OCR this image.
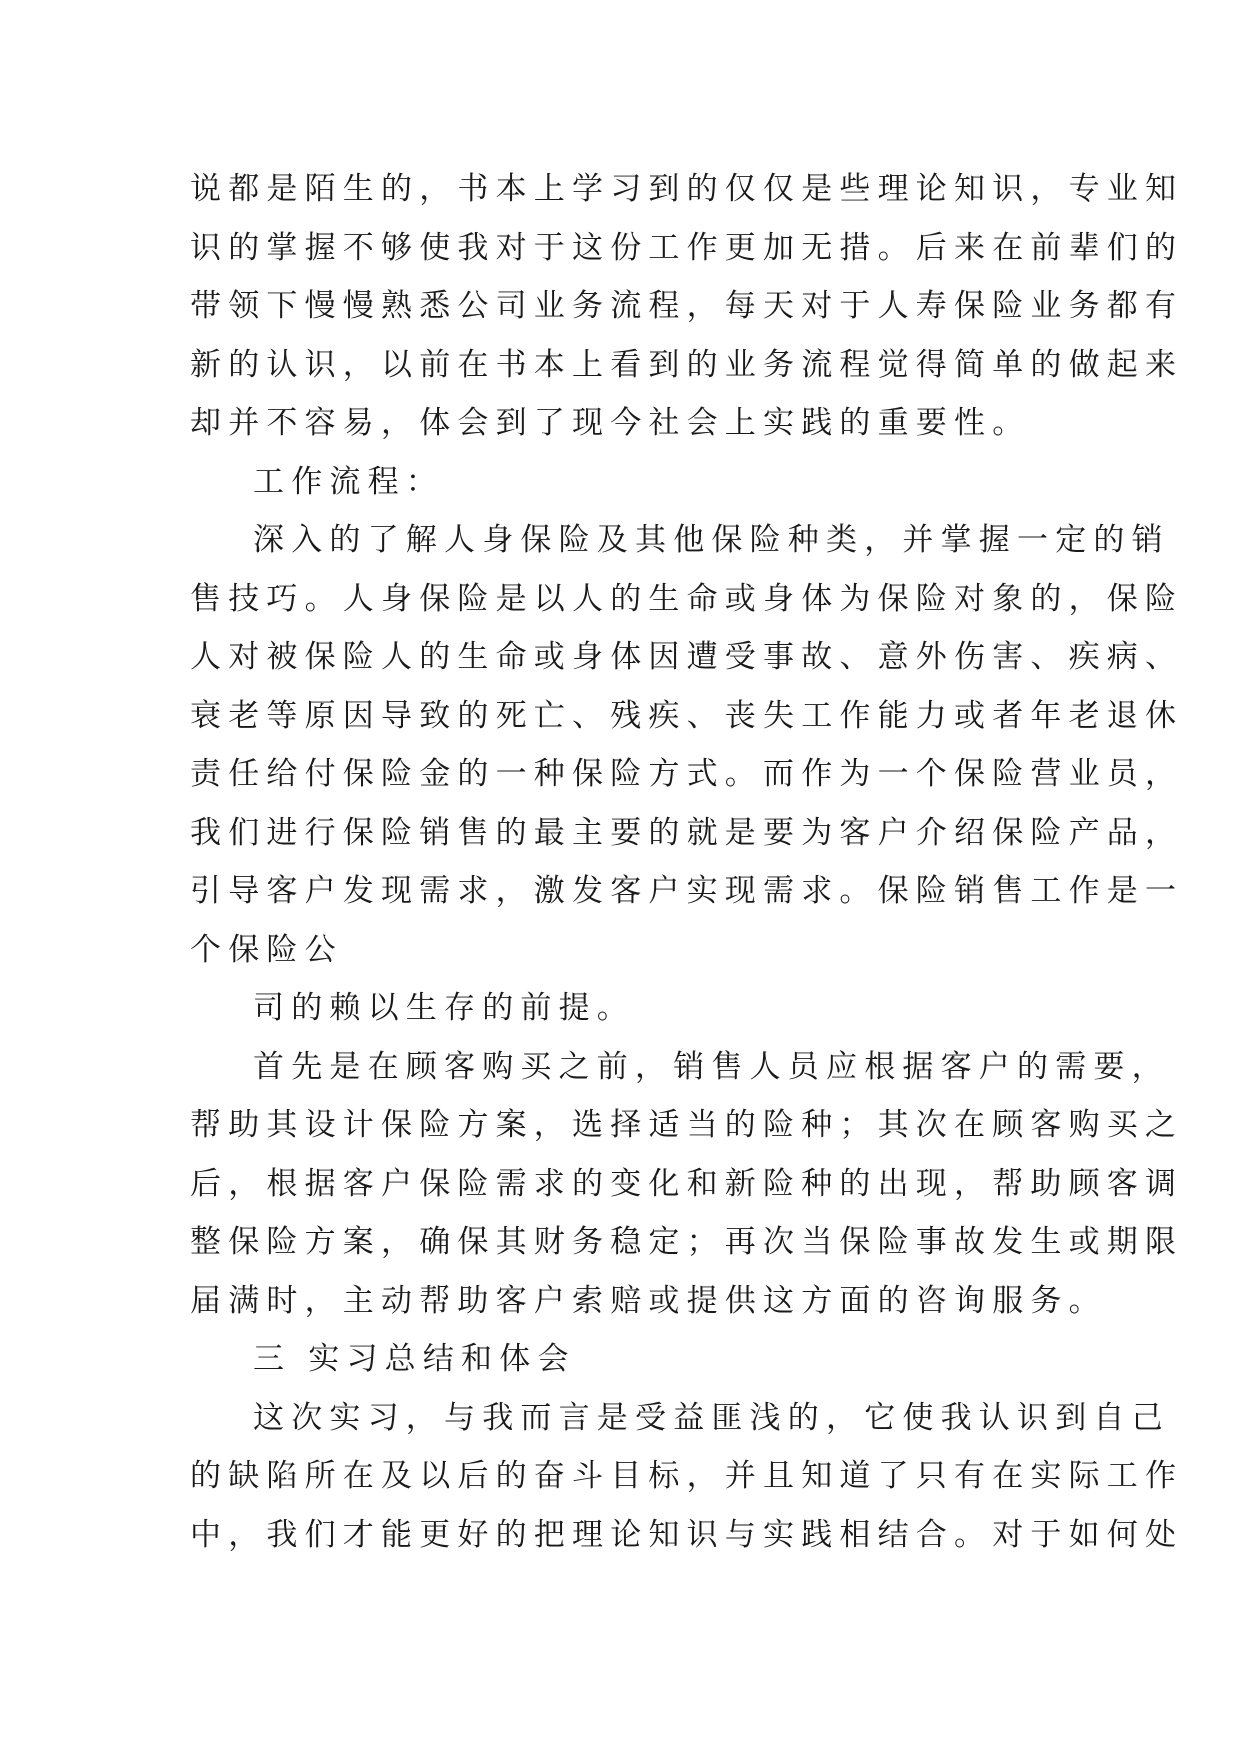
说都是陌生的，书本上学习到的仅仅是些理论知识，专业知
识的掌握不够使我对于这份工作更加无措。后来在前辈们的
带领下慢慢熟悉公司业务流程，每天对于人寿保险业务都有
新的认识，以前在书本上看到的业务流程觉得简单的做起来
却并不容易，体会到了现今社会上实践的重要性。
工作流程：
深入的了解人身保险及其他保险种类，并掌握一定的销
售技巧。人身保险是以人的生命或身体为保险对象的，保险
人对被保险人的生命或身体因遭受事故、意外伤害、疾病、
衰老等原因导致的死亡、残疾、丧失工作能力或者年老退休
责任给付保险金的一种保险方式。而作为一个保险营业员，
我们进行保险销售的最主要的就是要为客户介绍保险产品，
引导客户发现需求，激发客户实现需求。保险销售工作是一
个保险公
司的赖以生存的前提。
首先是在顾客购买之前，销售人员应根据客户的需要，
帮助其设计保险方案，选择适当的险种；其次在顾客购买之
后，根据客户保险需求的变化和新险种的出现，帮助顾客调
整保险方案，确保其财务稳定；再次当保险事故发生或期限
届满时，主动帮助客户索赔或提供这方面的咨询服务。
三 实习总结和体会
这次实习，与我而言是受益匪浅的，它使我认识到自己
的缺陷所在及以后的奋斗目标，并且知道了只有在实际工作
中，我们才能更好的把理论知识与实践相结合。对于如何处
